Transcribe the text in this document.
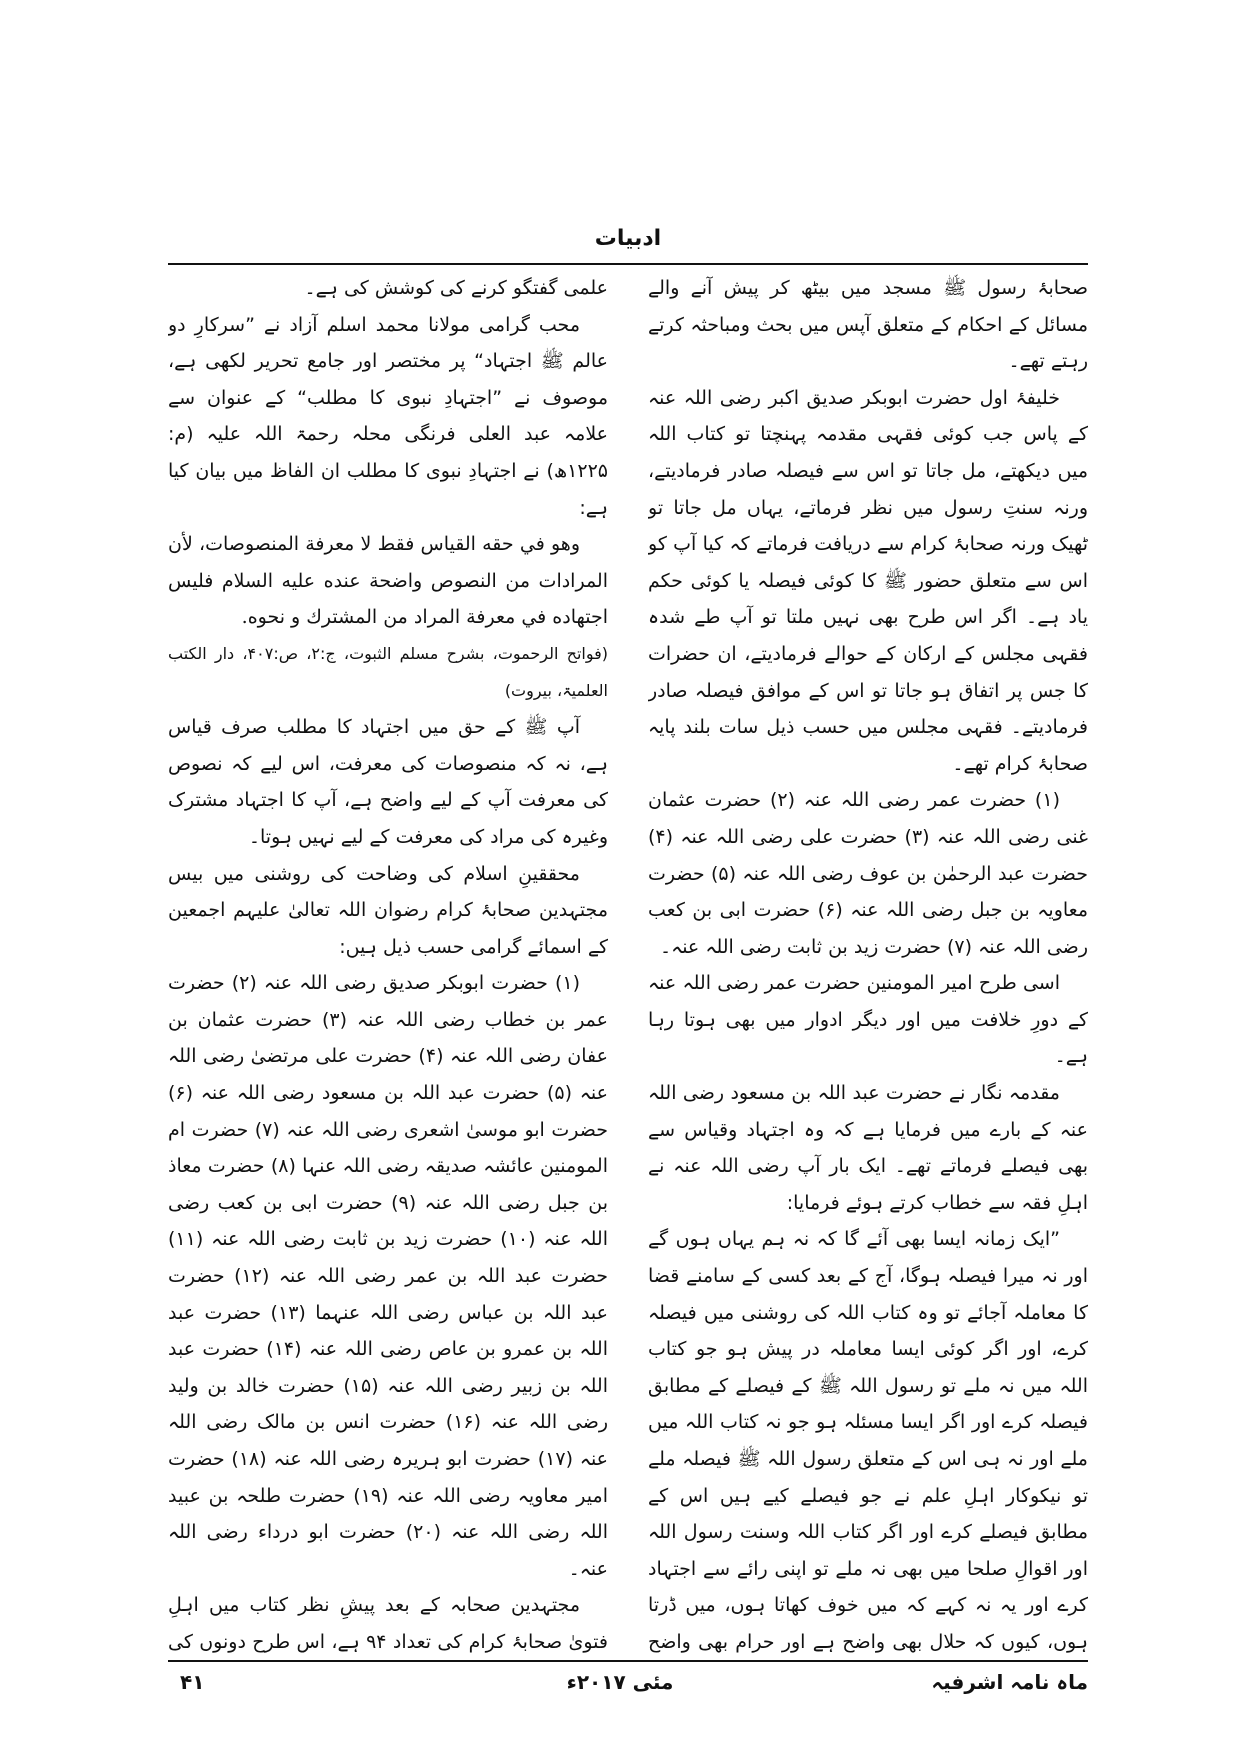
ادبیات

صحابۂ رسول ﷺ مسجد میں بیٹھ کر پیش آنے والے مسائل کے احکام کے متعلق آپس میں بحث ومباحثہ کرتے رہتے تھے۔

خلیفۂ اول حضرت ابوبکر صدیق اکبر رضی اللہ عنہ کے پاس جب کوئی فقہی مقدمہ پہنچتا تو کتاب اللہ میں دیکھتے، مل جاتا تو اس سے فیصلہ صادر فرمادیتے، ورنہ سنتِ رسول میں نظر فرماتے، یہاں مل جاتا تو ٹھیک ورنہ صحابۂ کرام سے دریافت فرماتے کہ کیا آپ کو اس سے متعلق حضور ﷺ کا کوئی فیصلہ یا کوئی حکم یاد ہے۔ اگر اس طرح بھی نہیں ملتا تو آپ طے شدہ فقہی مجلس کے ارکان کے حوالے فرمادیتے، ان حضرات کا جس پر اتفاق ہو جاتا تو اس کے موافق فیصلہ صادر فرمادیتے۔ فقہی مجلس میں حسب ذیل سات بلند پایہ صحابۂ کرام تھے۔

(۱) حضرت عمر رضی اللہ عنہ (۲) حضرت عثمان غنی رضی اللہ عنہ (۳) حضرت علی رضی اللہ عنہ (۴) حضرت عبد الرحمٰن بن عوف رضی اللہ عنہ (۵) حضرت معاویہ بن جبل رضی اللہ عنہ (۶) حضرت ابی بن کعب رضی اللہ عنہ (۷) حضرت زید بن ثابت رضی اللہ عنہ۔

اسی طرح امیر المومنین حضرت عمر رضی اللہ عنہ کے دورِ خلافت میں اور دیگر ادوار میں بھی ہوتا رہا ہے۔

مقدمہ نگار نے حضرت عبد اللہ بن مسعود رضی اللہ عنہ کے بارے میں فرمایا ہے کہ وہ اجتہاد وقیاس سے بھی فیصلے فرماتے تھے۔ ایک بار آپ رضی اللہ عنہ نے اہلِ فقہ سے خطاب کرتے ہوئے فرمایا:

”ایک زمانہ ایسا بھی آئے گا کہ نہ ہم یہاں ہوں گے اور نہ میرا فیصلہ ہوگا، آج کے بعد کسی کے سامنے قضا کا معاملہ آجائے تو وہ کتاب اللہ کی روشنی میں فیصلہ کرے، اور اگر کوئی ایسا معاملہ در پیش ہو جو کتاب اللہ میں نہ ملے تو رسول اللہ ﷺ کے فیصلے کے مطابق فیصلہ کرے اور اگر ایسا مسئلہ ہو جو نہ کتاب اللہ میں ملے اور نہ ہی اس کے متعلق رسول اللہ ﷺ فیصلہ ملے تو نیکوکار اہلِ علم نے جو فیصلے کیے ہیں اس کے مطابق فیصلے کرے اور اگر کتاب اللہ وسنت رسول اللہ اور اقوالِ صلحا میں بھی نہ ملے تو اپنی رائے سے اجتہاد کرے اور یہ نہ کہے کہ میں خوف کھاتا ہوں، میں ڈرتا ہوں، کیوں کہ حلال بھی واضح ہے اور حرام بھی واضح

علمی گفتگو کرنے کی کوشش کی ہے۔

محب گرامی مولانا محمد اسلم آزاد نے ”سرکارِ دو عالم ﷺ اجتہاد“ پر مختصر اور جامع تحریر لکھی ہے، موصوف نے ”اجتہادِ نبوی کا مطلب“ کے عنوان سے علامہ عبد العلی فرنگی محلہ رحمۃ اللہ علیہ (م: ۱۲۲۵ھ) نے اجتہادِ نبوی کا مطلب ان الفاظ میں بیان کیا ہے:

وهو في حقه القياس فقط لا معرفة المنصوصات، لأن المرادات من النصوص واضحة عنده عليه السلام فليس اجتهاده في معرفة المراد من المشترك و نحوه.

(فواتح الرحموت، بشرح مسلم الثبوت، ج:۲، ص:۴۰۷، دار الکتب العلمیۃ، بیروت)

آپ ﷺ کے حق میں اجتہاد کا مطلب صرف قیاس ہے، نہ کہ منصوصات کی معرفت، اس لیے کہ نصوص کی معرفت آپ کے لیے واضح ہے، آپ کا اجتہاد مشترک وغیرہ کی مراد کی معرفت کے لیے نہیں ہوتا۔

محققینِ اسلام کی وضاحت کی روشنی میں بیس مجتہدین صحابۂ کرام رضوان اللہ تعالیٰ علیہم اجمعین کے اسمائے گرامی حسب ذیل ہیں:

(۱) حضرت ابوبکر صدیق رضی اللہ عنہ (۲) حضرت عمر بن خطاب رضی اللہ عنہ (۳) حضرت عثمان بن عفان رضی اللہ عنہ (۴) حضرت علی مرتضیٰ رضی اللہ عنہ (۵) حضرت عبد اللہ بن مسعود رضی اللہ عنہ (۶) حضرت ابو موسیٰ اشعری رضی اللہ عنہ (۷) حضرت ام المومنین عائشہ صدیقہ رضی اللہ عنہا (۸) حضرت معاذ بن جبل رضی اللہ عنہ (۹) حضرت ابی بن کعب رضی اللہ عنہ (۱۰) حضرت زید بن ثابت رضی اللہ عنہ (۱۱) حضرت عبد اللہ بن عمر رضی اللہ عنہ (۱۲) حضرت عبد اللہ بن عباس رضی اللہ عنہما (۱۳) حضرت عبد اللہ بن عمرو بن عاص رضی اللہ عنہ (۱۴) حضرت عبد اللہ بن زبیر رضی اللہ عنہ (۱۵) حضرت خالد بن ولید رضی اللہ عنہ (۱۶) حضرت انس بن مالک رضی اللہ عنہ (۱۷) حضرت ابو ہریرہ رضی اللہ عنہ (۱۸) حضرت امیر معاویہ رضی اللہ عنہ (۱۹) حضرت طلحہ بن عبید اللہ رضی اللہ عنہ (۲۰) حضرت ابو درداء رضی اللہ عنہ۔

مجتہدین صحابہ کے بعد پیشِ نظر کتاب میں اہلِ فتویٰ صحابۂ کرام کی تعداد ۹۴ ہے، اس طرح دونوں کی

ماہ نامہ اشرفیہ
مئی ۲۰۱۷ء
۴۱
